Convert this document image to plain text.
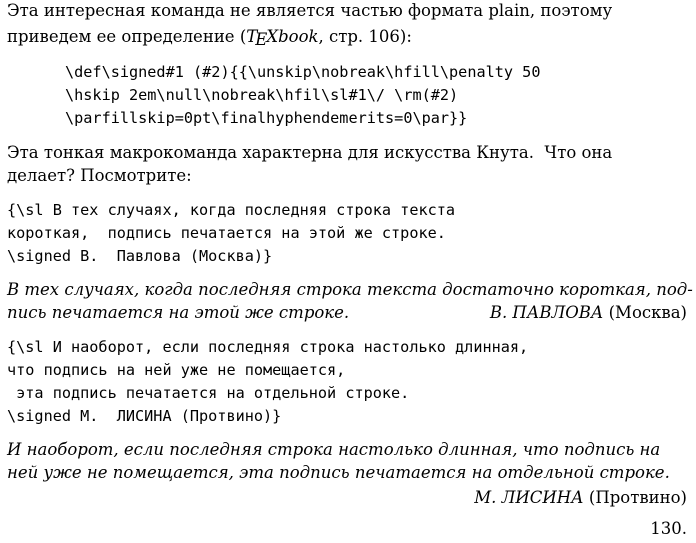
Эта интересная команда не является частью формата plain, поэтому
приведем ее определение (TEXbook, стр. 106):
\def\signed#1 (#2){{\unskip\nobreak\hfill\penalty 50
\hskip 2em\null\nobreak\hfil\sl#1\/ \rm(#2)
\parfillskip=0pt\finalhyphendemerits=0\par}}
Эта тонкая макрокоманда характерна для искусства Кнута.  Что она
делает? Посмотрите:
{\sl В тех случаях, когда последняя строка текста
короткая,  подпись печатается на этой же строке.
\signed В.  Павлова (Москва)}
В тех случаях, когда последняя строка текста достаточно короткая, под-
пись печатается на этой же строке.	В. ПАВЛОВА (Москва)
{\sl И наоборот, если последняя строка настолько длинная,
что подпись на ней уже не помещается,
эта подпись печатается на отдельной строке.
\signed М.  ЛИСИНА (Протвино)}
И наоборот, если последняя строка настолько длинная, что подпись на
ней уже не помещается, эта подпись печатается на отдельной строке.
М. ЛИСИНА (Протвино)
130.
